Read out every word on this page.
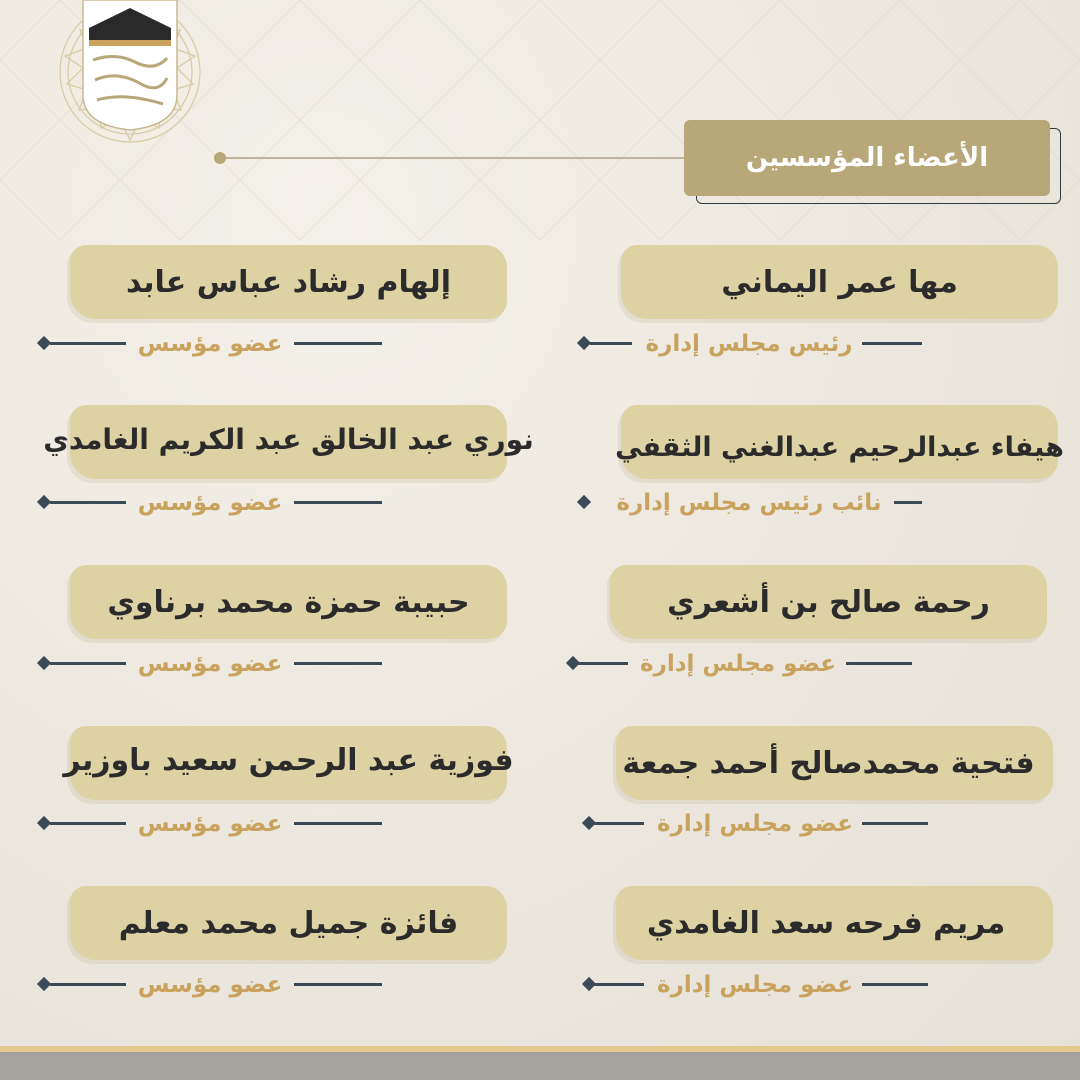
الأعضاء المؤسسين
مها عمر اليماني
رئيس مجلس إدارة
هيفاء عبدالرحيم عبدالغني الثقفي
نائب رئيس مجلس إدارة
رحمة صالح بن أشعري
عضو مجلس إدارة
فتحية محمدصالح أحمد جمعة
عضو مجلس إدارة
مريم فرحه سعد الغامدي
عضو مجلس إدارة
إلهام رشاد عباس عابد
عضو مؤسس
نوري عبد الخالق عبد الكريم الغامدي
عضو مؤسس
حبيبة حمزة محمد برناوي
عضو مؤسس
فوزية عبد الرحمن سعيد باوزير
عضو مؤسس
فائزة جميل محمد معلم
عضو مؤسس
